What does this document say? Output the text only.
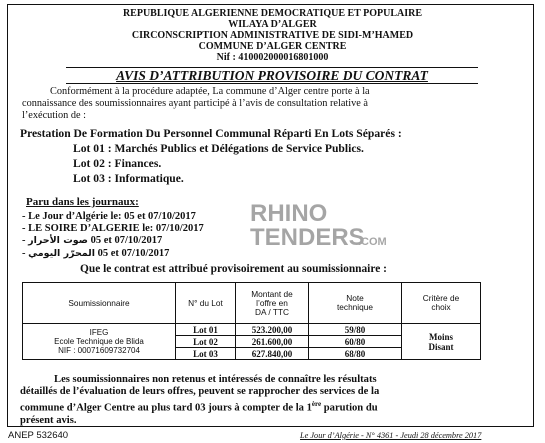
REPUBLIQUE ALGERIENNE DEMOCRATIQUE ET POPULAIRE
WILAYA D’ALGER
CIRCONSCRIPTION ADMINISTRATIVE DE SIDI-M’HAMED
COMMUNE D’ALGER CENTRE
Nif : 410002000016801000
AVIS D’ATTRIBUTION PROVISOIRE DU CONTRAT
Conformément à la procédure adaptée, La commune d’Alger centre porte à la
connaissance des soumissionnaires ayant participé à l’avis de consultation relative à
l’exécution de :
Prestation De Formation Du Personnel Communal Réparti En Lots Séparés :
Lot 01 : Marchés Publics et Délégations de Service Publics.
Lot 02 : Finances.
Lot 03 : Informatique.
Paru dans les journaux:
- Le Jour d’Algérie le: 05 et 07/10/2017
- LE SOIRE D’ALGERIE le: 07/10/2017
- صوت الأحرار 05 et 07/10/2017
- المحرّر اليومي 05 et 07/10/2017
Que le contrat est attribué provisoirement au soumissionnaire :
RHINO
TENDERS
.COM
Soumissionnaire	N° du Lot	Montant de
l’offre en
DA / TTC	Note
technique	Critère de
choix

IFEG
Ecole Technique de Blida
NIF : 00071609732704	Lot 01	523.200,00	59/80	Moins
Disant

	Lot 02	261.600,00	60/80	
	Lot 03	627.840,00	68/80	
Les soumissionnaires non retenus et intéressés de connaître les résultats
détaillés de l’évaluation de leurs offres, peuvent se rapprocher des services de la
commune d’Alger Centre au plus tard 03 jours à compter de la 1ère parution du
présent avis.
ANEP 532640	Le Jour d’Algérie - N° 4361 - Jeudi 28 décembre 2017
